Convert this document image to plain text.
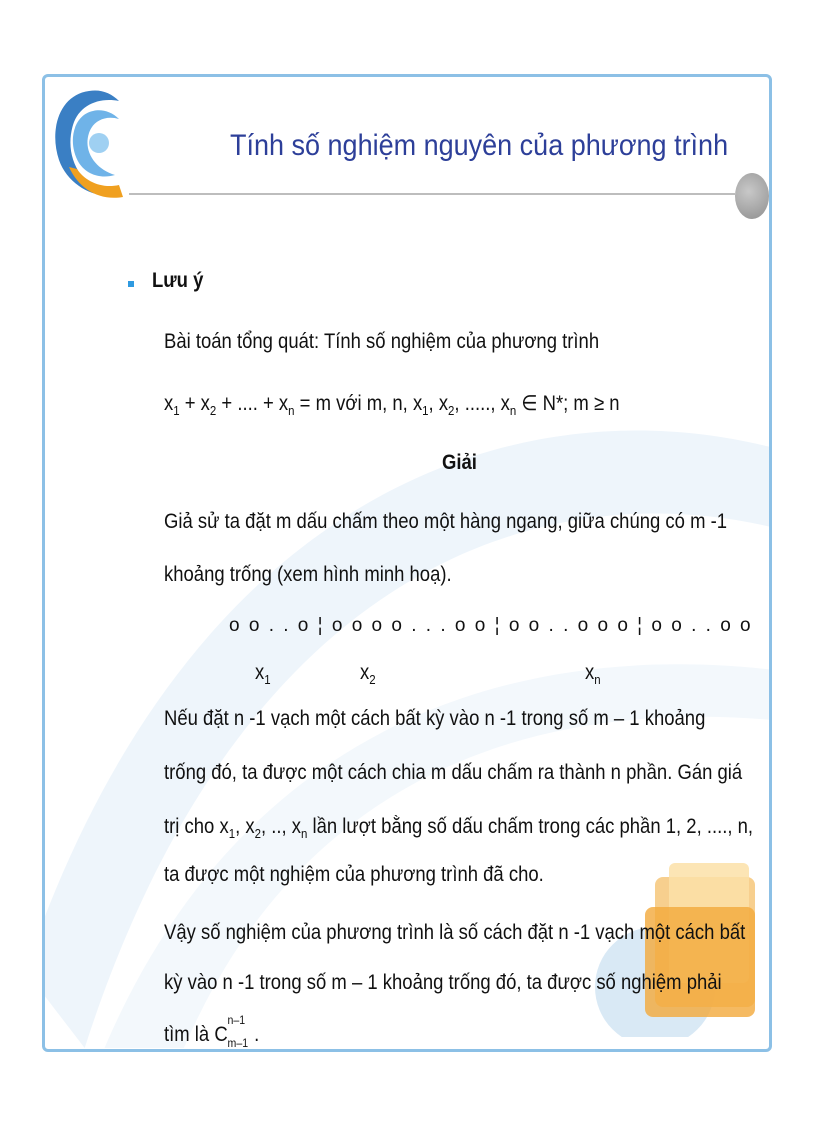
Tính số nghiệm nguyên của phương trình
Lưu ý
Bài toán tổng quát: Tính số nghiệm của phương trình
$x_1 + x_2$ + .... + $x_n = m$ với m, n, $x_1$, $x_2$, ....., $x_n$ ∈ N*; m ≥ n
Giải
Giả sử ta đặt m dấu chấm theo một hàng ngang, giữa chúng có m -1
khoảng trống (xem hình minh hoạ).
o o . . o ¦ o o o o . . . o o ¦ o o . . o o o ¦ o o . . o o
$x_1$	$x_2$	$x_n$
Nếu đặt n -1 vạch một cách bất kỳ vào n -1 trong số m – 1 khoảng
trống đó, ta được một cách chia m dấu chấm ra thành n phần. Gán giá
trị cho $x_1$, $x_2$, .., $x_n$ lần lượt bằng số dấu chấm trong các phần 1, 2, ...., n,
ta được một nghiệm của phương trình đã cho.
Vậy số nghiệm của phương trình là số cách đặt n -1 vạch một cách bất
kỳ vào n -1 trong số m – 1 khoảng trống đó, ta được số nghiệm phải
tìm là C
n–1
m–1 .
